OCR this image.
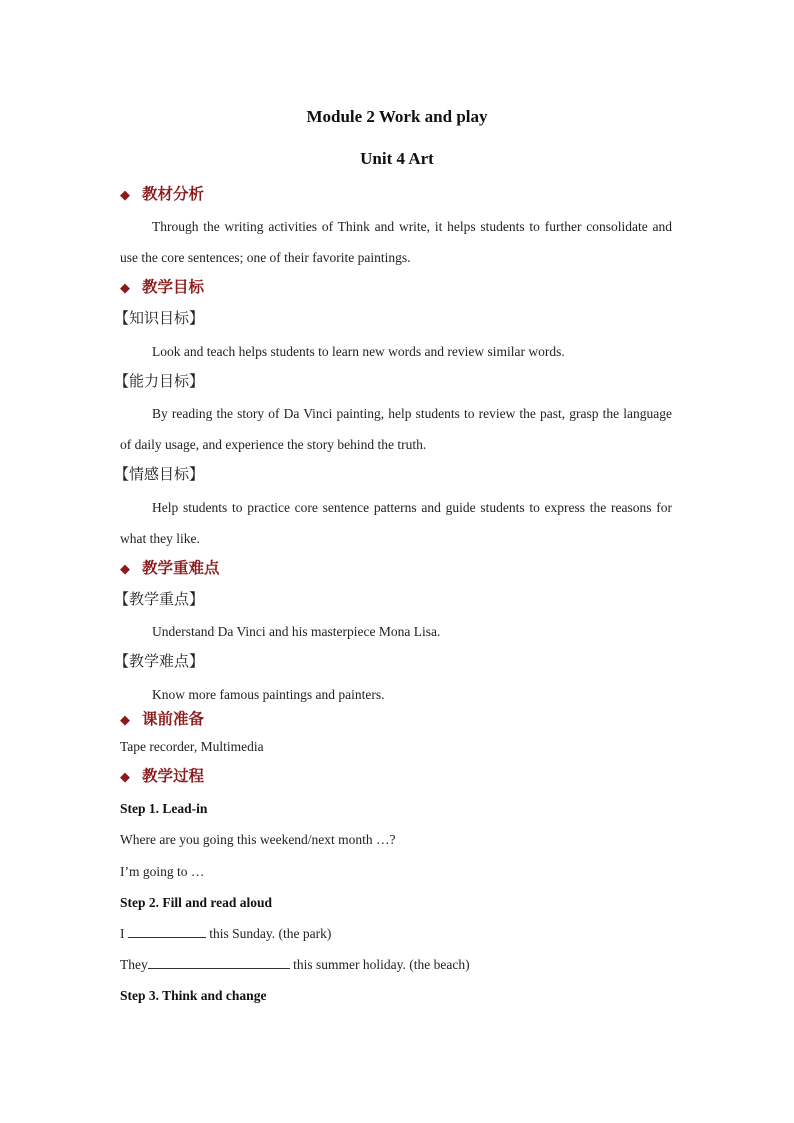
Module 2 Work and play
Unit 4 Art
◆ 教材分析
Through the writing activities of Think and write, it helps students to further consolidate and use the core sentences; one of their favorite paintings.
◆ 教学目标
【知识目标】
Look and teach helps students to learn new words and review similar words.
【能力目标】
By reading the story of Da Vinci painting, help students to review the past, grasp the language of daily usage, and experience the story behind the truth.
【情感目标】
Help students to practice core sentence patterns and guide students to express the reasons for what they like.
◆ 教学重难点
【教学重点】
Understand Da Vinci and his masterpiece Mona Lisa.
【教学难点】
Know more famous paintings and painters.
◆ 课前准备
Tape recorder, Multimedia
◆ 教学过程
Step 1. Lead-in
Where are you going this weekend/next month …?
I’m going to …
Step 2. Fill and read aloud
I	this Sunday. (the park)
They	this summer holiday. (the beach)
Step 3. Think and change
